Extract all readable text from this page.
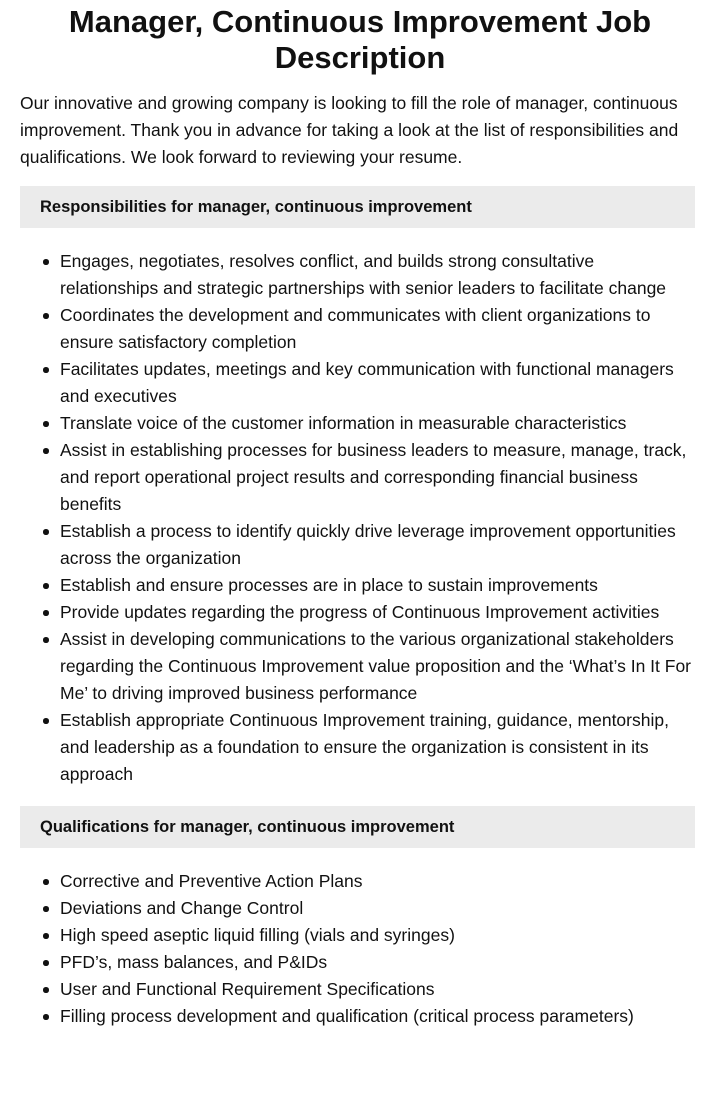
Manager, Continuous Improvement Job Description

Our innovative and growing company is looking to fill the role of manager, continuous improvement. Thank you in advance for taking a look at the list of responsibilities and qualifications. We look forward to reviewing your resume.

Responsibilities for manager, continuous improvement
Engages, negotiates, resolves conflict, and builds strong consultative relationships and strategic partnerships with senior leaders to facilitate change
Coordinates the development and communicates with client organizations to ensure satisfactory completion
Facilitates updates, meetings and key communication with functional managers and executives
Translate voice of the customer information in measurable characteristics
Assist in establishing processes for business leaders to measure, manage, track, and report operational project results and corresponding financial business benefits
Establish a process to identify quickly drive leverage improvement opportunities across the organization
Establish and ensure processes are in place to sustain improvements
Provide updates regarding the progress of Continuous Improvement activities
Assist in developing communications to the various organizational stakeholders regarding the Continuous Improvement value proposition and the ‘What’s In It For Me’ to driving improved business performance
Establish appropriate Continuous Improvement training, guidance, mentorship, and leadership as a foundation to ensure the organization is consistent in its approach
Qualifications for manager, continuous improvement
Corrective and Preventive Action Plans
Deviations and Change Control
High speed aseptic liquid filling (vials and syringes)
PFD’s, mass balances, and P&IDs
User and Functional Requirement Specifications
Filling process development and qualification (critical process parameters)
